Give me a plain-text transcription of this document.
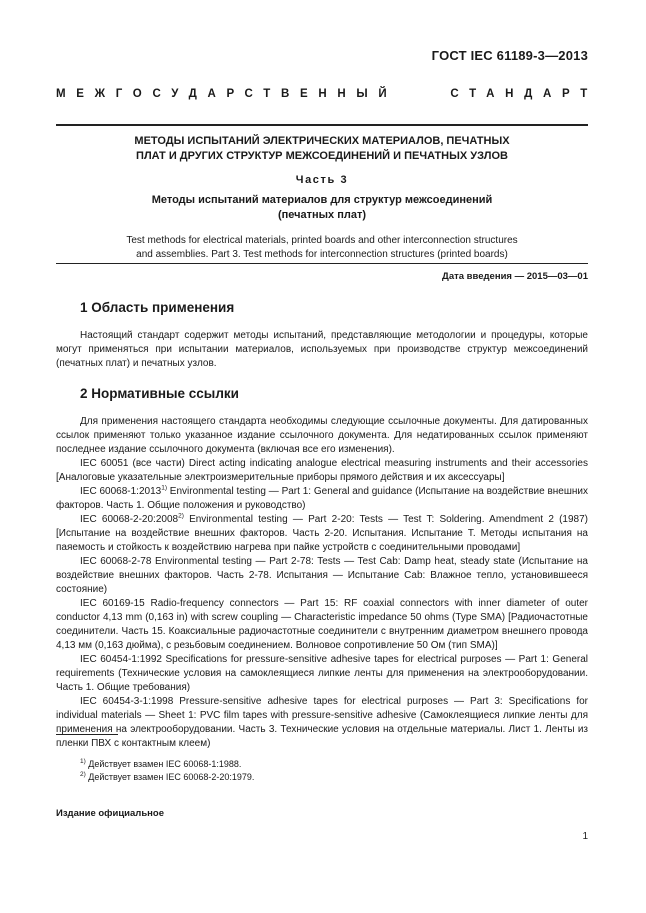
ГОСТ IEC 61189-3—2013
МЕЖГОСУДАРСТВЕННЫЙ	СТАНДАРТ
МЕТОДЫ ИСПЫТАНИЙ ЭЛЕКТРИЧЕСКИХ МАТЕРИАЛОВ, ПЕЧАТНЫХ
ПЛАТ И ДРУГИХ СТРУКТУР МЕЖСОЕДИНЕНИЙ И ПЕЧАТНЫХ УЗЛОВ
Часть 3
Методы испытаний материалов для структур межсоединений
(печатных плат)
Test methods for electrical materials, printed boards and other interconnection structures
and assemblies. Part 3. Test methods for interconnection structures (printed boards)
Дата введения — 2015—03—01
1 Область применения

Настоящий стандарт содержит методы испытаний, представляющие методологии и процедуры, которые могут применяться при испытании материалов, используемых при производстве структур межсоединений (печатных плат) и печатных узлов.

2 Нормативные ссылки

Для применения настоящего стандарта необходимы следующие ссылочные документы. Для датированных ссылок применяют только указанное издание ссылочного документа. Для недатированных ссылок применяют последнее издание ссылочного документа (включая все его изменения).

IEC 60051 (все части) Direct acting indicating analogue electrical measuring instruments and their accessories [Аналоговые указательные электроизмерительные приборы прямого действия и их аксессуары]

IEC 60068-1:2013$^{1)}$ Environmental testing — Part 1: General and guidance (Испытание на воздействие внешних факторов. Часть 1. Общие положения и руководство)

IEC 60068-2-20:2008$^{2)}$ Environmental testing — Part 2-20: Tests — Test T: Soldering. Amendment 2 (1987) [Испытание на воздействие внешних факторов. Часть 2-20. Испытания. Испытание Т. Методы испытания на паяемость и стойкость к воздействию нагрева при пайке устройств с соединительными проводами]

IEC 60068-2-78 Environmental testing — Part 2-78: Tests — Test Cab: Damp heat, steady state (Испытание на воздействие внешних факторов. Часть 2-78. Испытания — Испытание Cab: Влажное тепло, установившееся состояние)

IEC 60169-15 Radio-frequency connectors — Part 15: RF coaxial connectors with inner diameter of outer conductor 4,13 mm (0,163 in) with screw coupling — Characteristic impedance 50 ohms (Type SMA) [Радиочастотные соединители. Часть 15. Коаксиальные радиочастотные соединители с внутренним диаметром внешнего провода 4,13 мм (0,163 дюйма), с резьбовым соединением. Волновое сопротивление 50 Ом (тип SMA)]

IEC 60454-1:1992 Specifications for pressure-sensitive adhesive tapes for electrical purposes — Part 1: General requirements (Технические условия на самоклеящиеся липкие ленты для применения на электрооборудовании. Часть 1. Общие требования)

IEC 60454-3-1:1998 Pressure-sensitive adhesive tapes for electrical purposes — Part 3: Specifications for individual materials — Sheet 1: PVC film tapes with pressure-sensitive adhesive (Самоклеящиеся липкие ленты для применения на электрооборудовании. Часть 3. Технические условия на отдельные материалы. Лист 1. Ленты из пленки ПВХ с контактным клеем)

$^{1)}$ Действует взамен IEC 60068-1:1988.
$^{2)}$ Действует взамен IEC 60068-2-20:1979.
Издание официальное
1
